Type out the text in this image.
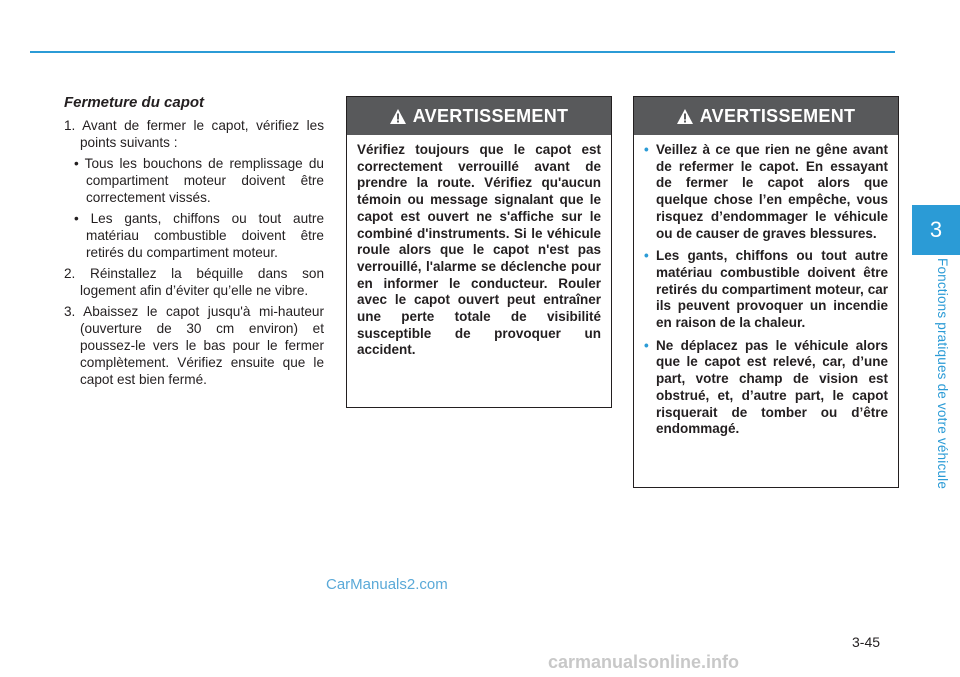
3
Fonctions pratiques de votre véhicule
Fermeture du capot

1. Avant de fermer le capot, vérifiez les points suivants :

• Tous les bouchons de remplissage du compartiment moteur doivent être correctement vissés.

• Les gants, chiffons ou tout autre matériau combustible doivent être retirés du compartiment moteur.

2. Réinstallez la béquille dans son logement afin d’éviter qu’elle ne vibre.

3. Abaissez le capot jusqu'à mi-hauteur (ouverture de 30 cm environ) et poussez-le vers le bas pour le fermer complètement. Vérifiez ensuite que le capot est bien fermé.

AVERTISSEMENT
Vérifiez toujours que le capot est correctement verrouillé avant de prendre la route. Vérifiez qu'aucun témoin ou message signalant que le capot est ouvert ne s'affiche sur le combiné d'instruments. Si le véhicule roule alors que le capot n'est pas verrouillé, l'alarme se déclenche pour en informer le conducteur. Rouler avec le capot ouvert peut entraîner une perte totale de visibilité susceptible de provoquer un accident.
AVERTISSEMENT
• Veillez à ce que rien ne gêne avant de refermer le capot. En essayant de fermer le capot alors que quelque chose l’en empêche, vous risquez d’endommager le véhicule ou de causer de graves blessures.
• Les gants, chiffons ou tout autre matériau combustible doivent être retirés du compartiment moteur, car ils peuvent provoquer un incendie en raison de la chaleur.
• Ne déplacez pas le véhicule alors que le capot est relevé, car, d’une part, votre champ de vision est obstrué, et, d’autre part, le capot risquerait de tomber ou d’être endommagé.
CarManuals2.com
3-45
carmanualsonline.info
